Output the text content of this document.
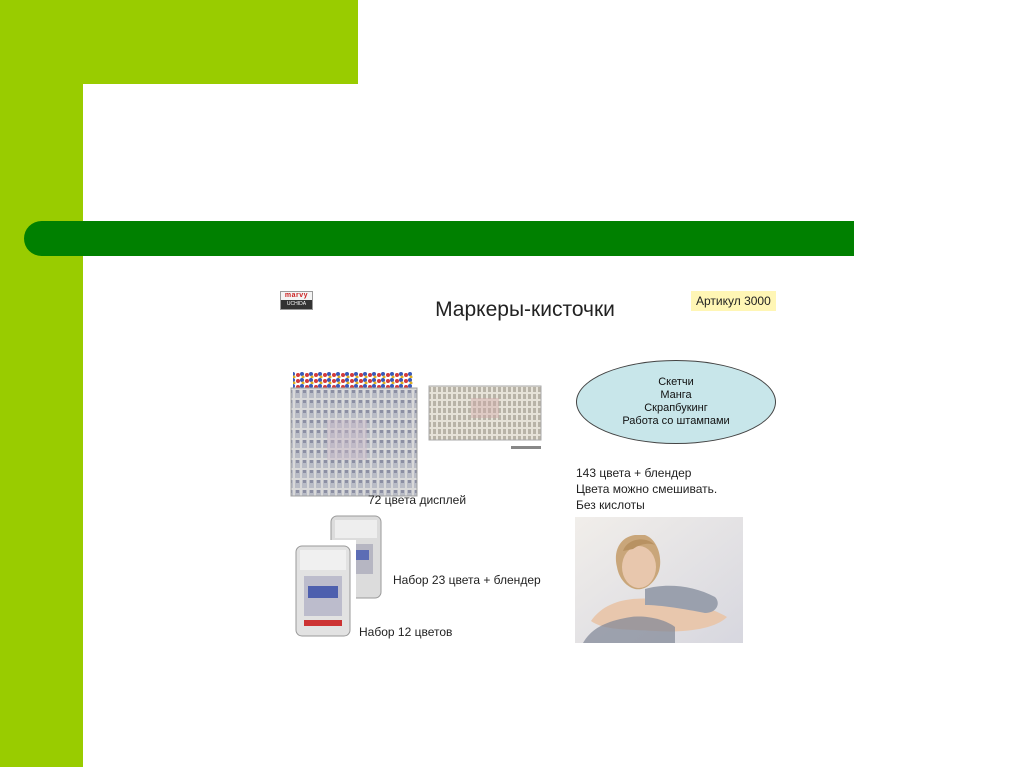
marvy
UCHIDA	Маркеры-кисточки	Артикул 3000
72 цвета дисплей
Набор 23 цвета + блендер
Набор 12 цветов
Скетчи
Манга
Скрапбукинг
Работа со штампами
143 цвета + блендер
Цвета можно смешивать.
Без кислоты
